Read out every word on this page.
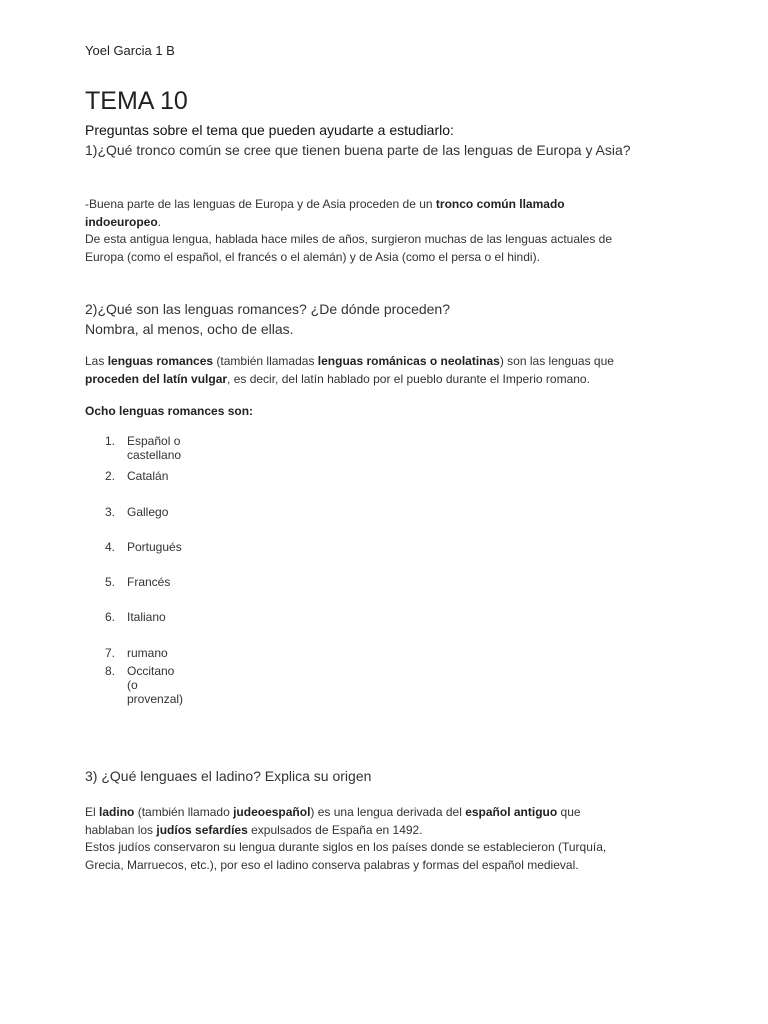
Yoel Garcia 1 B
TEMA 10
Preguntas sobre el tema que pueden ayudarte a estudiarlo:
1)¿Qué tronco común se cree que tienen buena parte de las lenguas de Europa y Asia?

-Buena parte de las lenguas de Europa y de Asia proceden de un tronco común llamado indoeuropeo.

De esta antigua lengua, hablada hace miles de años, surgieron muchas de las lenguas actuales de Europa (como el español, el francés o el alemán) y de Asia (como el persa o el hindi).

2)¿Qué son las lenguas romances? ¿De dónde proceden?
Nombra, al menos, ocho de ellas.

Las lenguas romances (también llamadas lenguas románicas o neolatinas) son las lenguas que proceden del latín vulgar, es decir, del latín hablado por el pueblo durante el Imperio romano.

Ocho lenguas romances son:

1. Español o castellano
2. Catalán
3. Gallego
4. Portugués
5. Francés
6. Italiano
7. rumano
8. Occitano (o provenzal)
3) ¿Qué lenguaes el ladino? Explica su origen

El ladino (también llamado judeoespañol) es una lengua derivada del español antiguo que hablaban los judíos sefardíes expulsados de España en 1492.

Estos judíos conservaron su lengua durante siglos en los países donde se establecieron (Turquía, Grecia, Marruecos, etc.), por eso el ladino conserva palabras y formas del español medieval.
